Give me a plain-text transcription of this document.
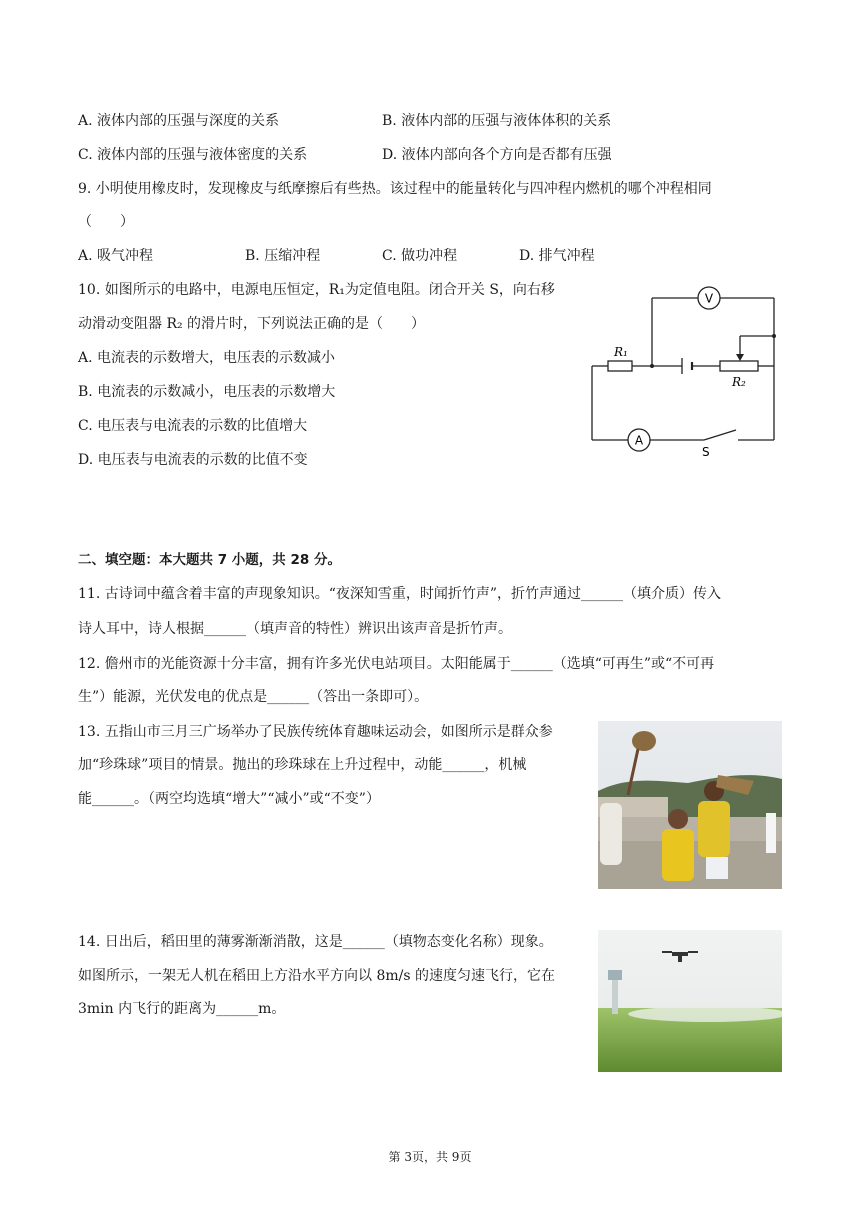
A. 液体内部的压强与深度的关系	B. 液体内部的压强与液体体积的关系
C. 液体内部的压强与液体密度的关系	D. 液体内部向各个方向是否都有压强
9. 小明使用橡皮时，发现橡皮与纸摩擦后有些热。该过程中的能量转化与四冲程内燃机的哪个冲程相同
（　　）
A. 吸气冲程	B. 压缩冲程	C. 做功冲程	D. 排气冲程
10. 如图所示的电路中，电源电压恒定，R₁为定值电阻。闭合开关 S，向右移
动滑动变阻器 R₂ 的滑片时，下列说法正确的是（　　）
A. 电流表的示数增大，电压表的示数减小
B. 电流表的示数减小，电压表的示数增大
C. 电压表与电流表的示数的比值增大
D. 电压表与电流表的示数的比值不变
V
A
R₁
R₂
S
二、填空题：本大题共 7 小题，共 28 分。
11. 古诗词中蕴含着丰富的声现象知识。“夜深知雪重，时闻折竹声”，折竹声通过______（填介质）传入
诗人耳中，诗人根据______（填声音的特性）辨识出该声音是折竹声。
12. 儋州市的光能资源十分丰富，拥有许多光伏电站项目。太阳能属于______（选填“可再生”或“不可再
生”）能源，光伏发电的优点是______（答出一条即可）。
13. 五指山市三月三广场举办了民族传统体育趣味运动会，如图所示是群众参
加“珍珠球”项目的情景。抛出的珍珠球在上升过程中，动能______，机械
能______。（两空均选填“增大”“减小”或“不变”）
14. 日出后，稻田里的薄雾渐渐消散，这是______（填物态变化名称）现象。
如图所示，一架无人机在稻田上方沿水平方向以 8m/s 的速度匀速飞行，它在
3min 内飞行的距离为______m。
第 3页，共 9页
